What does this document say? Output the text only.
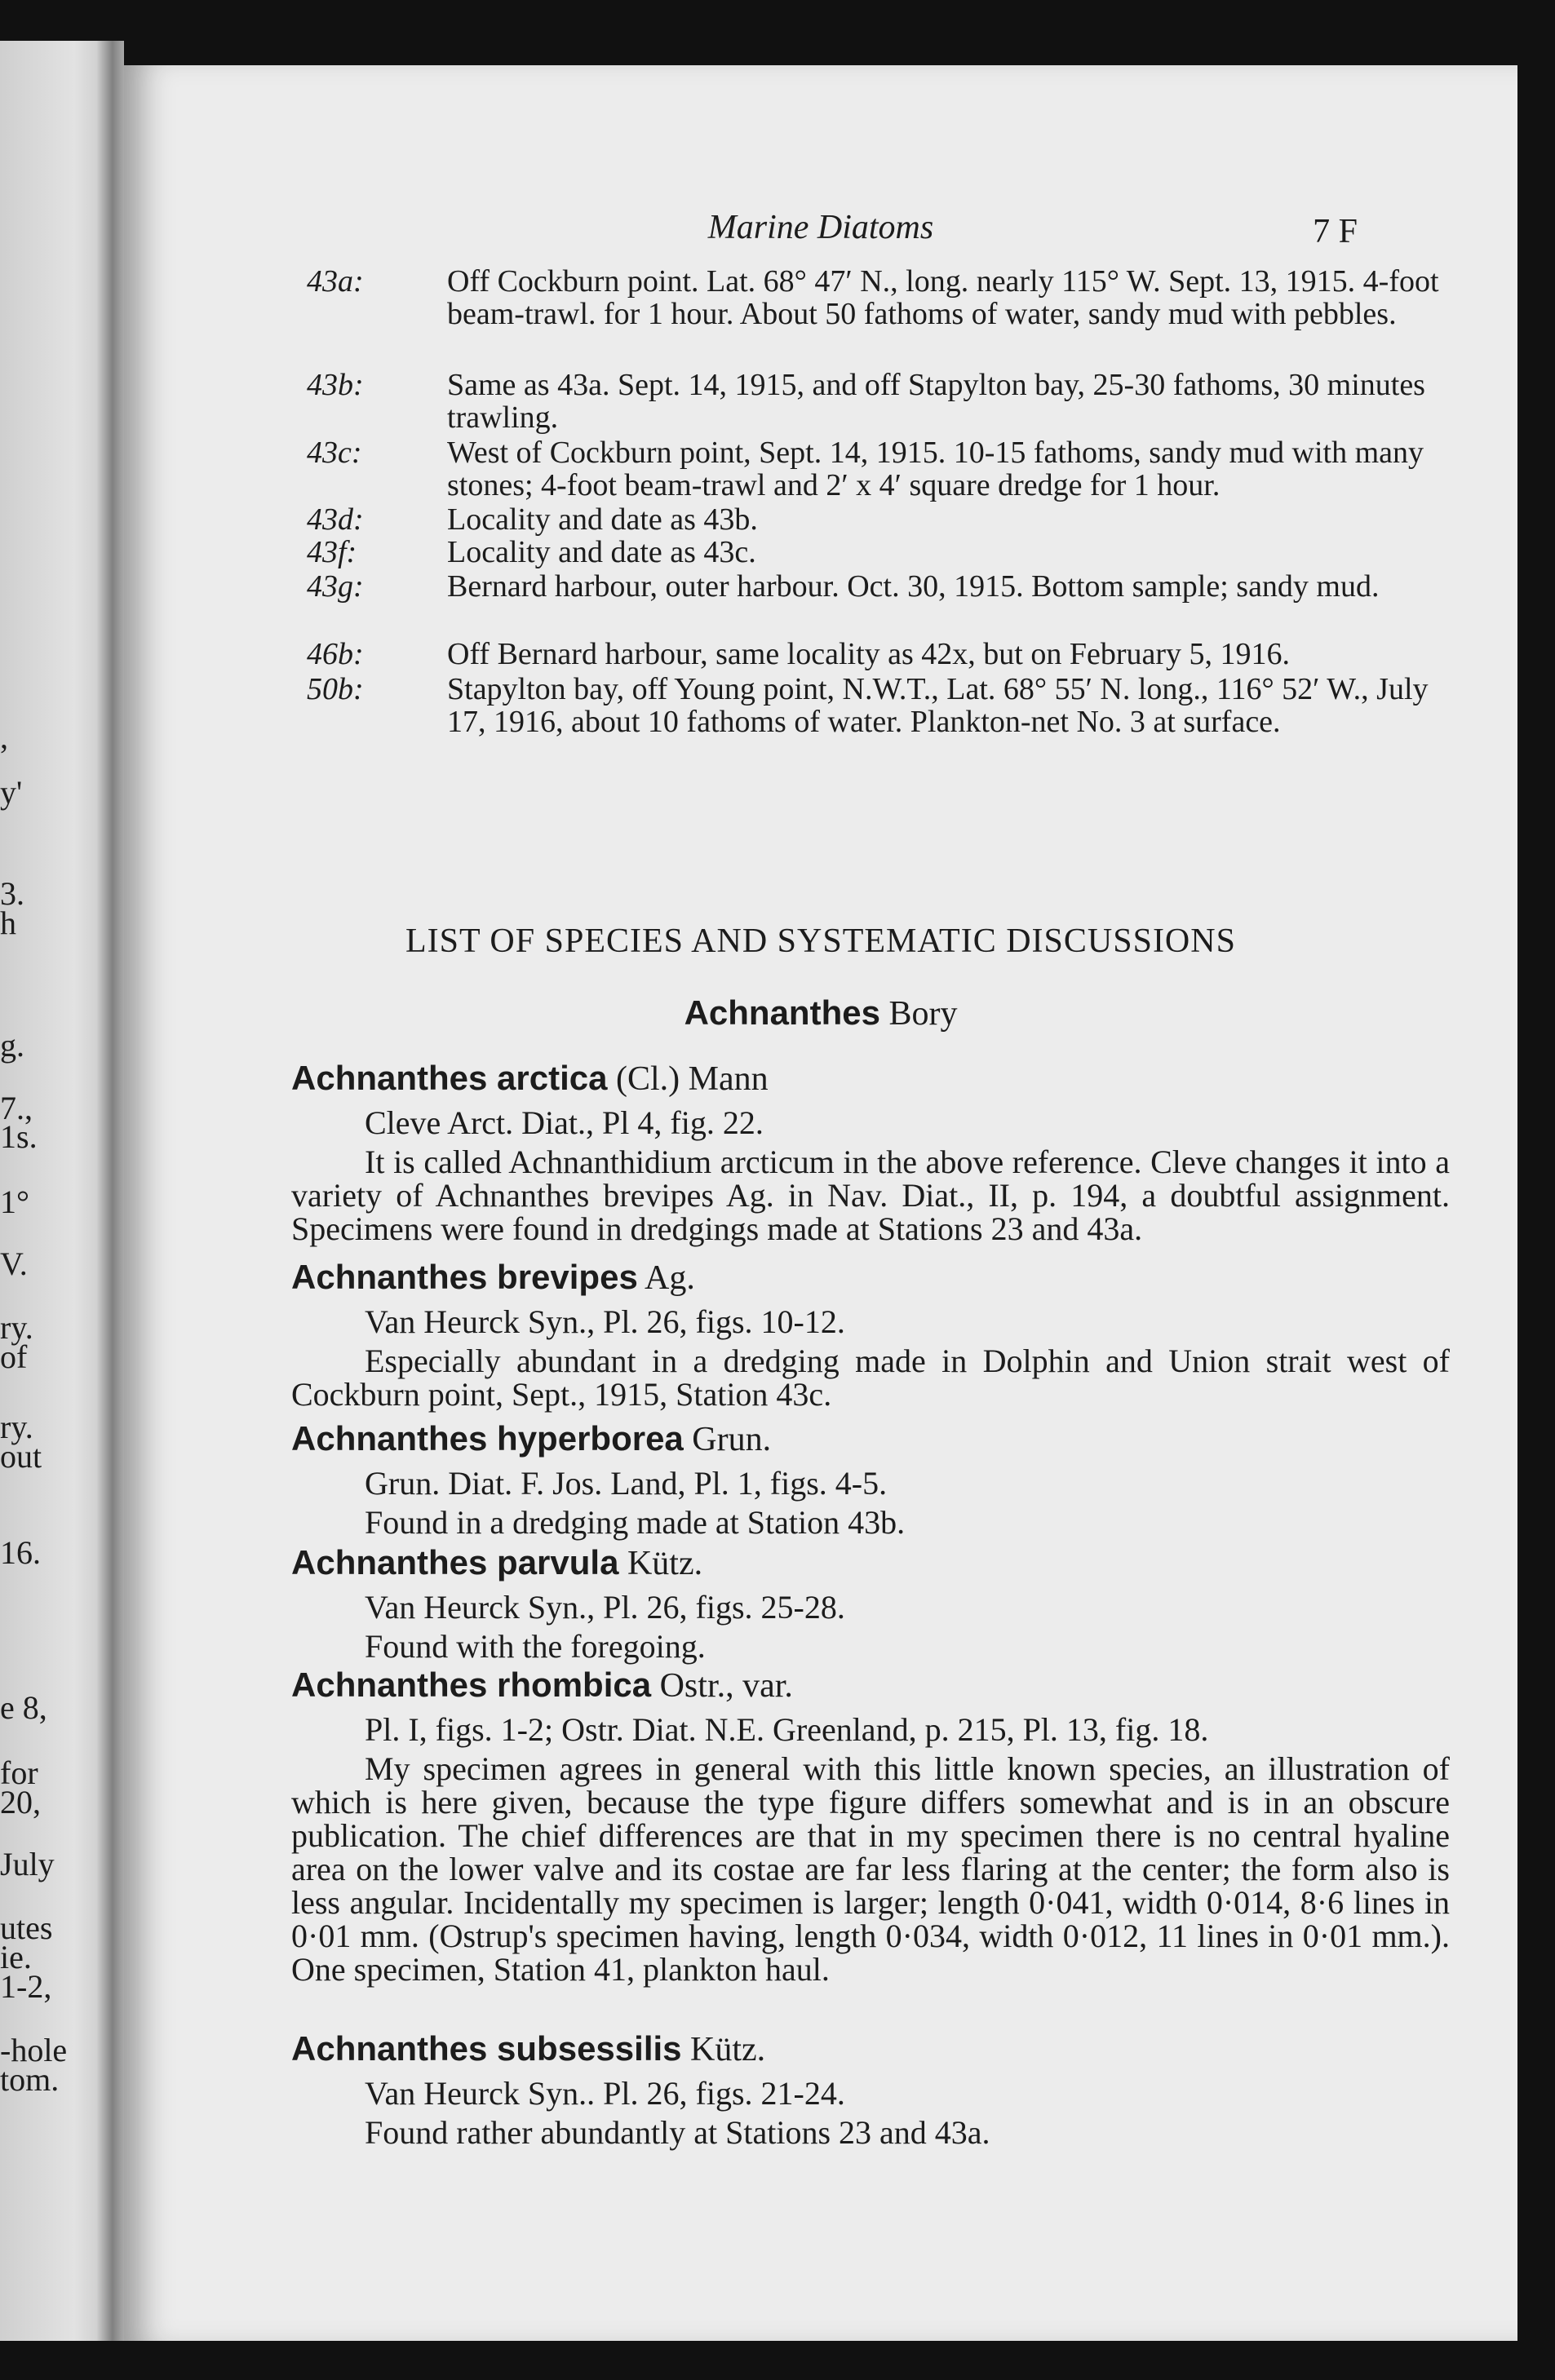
,
y'
3.
h
g.
7.,
1s.
1°
V.
ry.
of
ry.
out
16.
e 8,
for
20,
July
utes
ie.
1-2,
-hole
tom.
Marine Diatoms	7 F
43a:	Off Cockburn point. Lat. 68° 47′ N., long. nearly 115° W. Sept. 13, 1915. 4-foot beam-trawl. for 1 hour. About 50 fathoms of water, sandy mud with pebbles.
43b:	Same as 43a. Sept. 14, 1915, and off Stapylton bay, 25-30 fathoms, 30 minutes trawling.
43c:	West of Cockburn point, Sept. 14, 1915. 10-15 fathoms, sandy mud with many stones; 4-foot beam-trawl and 2′ x 4′ square dredge for 1 hour.
43d:	Locality and date as 43b.
43f:	Locality and date as 43c.
43g:	Bernard harbour, outer harbour. Oct. 30, 1915. Bottom sample; sandy mud.
46b:	Off Bernard harbour, same locality as 42x, but on February 5, 1916.
50b:	Stapylton bay, off Young point, N.W.T., Lat. 68° 55′ N. long., 116° 52′ W., July 17, 1916, about 10 fathoms of water. Plankton-net No. 3 at surface.
LIST OF SPECIES AND SYSTEMATIC DISCUSSIONS
Achnanthes Bory

Achnanthes arctica (Cl.) Mann

Cleve Arct. Diat., Pl 4, fig. 22.

It is called Achnanthidium arcticum in the above reference. Cleve changes it into a variety of Achnanthes brevipes Ag. in Nav. Diat., II, p. 194, a doubtful assignment. Specimens were found in dredgings made at Stations 23 and 43a.

Achnanthes brevipes Ag.

Van Heurck Syn., Pl. 26, figs. 10-12.

Especially abundant in a dredging made in Dolphin and Union strait west of Cockburn point, Sept., 1915, Station 43c.

Achnanthes hyperborea Grun.

Grun. Diat. F. Jos. Land, Pl. 1, figs. 4-5.

Found in a dredging made at Station 43b.

Achnanthes parvula Kütz.

Van Heurck Syn., Pl. 26, figs. 25-28.

Found with the foregoing.

Achnanthes rhombica Ostr., var.

Pl. I, figs. 1-2; Ostr. Diat. N.E. Greenland, p. 215, Pl. 13, fig. 18.

My specimen agrees in general with this little known species, an illustration of which is here given, because the type figure differs somewhat and is in an obscure publication. The chief differences are that in my specimen there is no central hyaline area on the lower valve and its costae are far less flaring at the center; the form also is less angular. Incidentally my specimen is larger; length 0·041, width 0·014, 8·6 lines in 0·01 mm. (Ostrup's specimen having, length 0·034, width 0·012, 11 lines in 0·01 mm.). One specimen, Station 41, plankton haul.

Achnanthes subsessilis Kütz.

Van Heurck Syn.. Pl. 26, figs. 21-24.

Found rather abundantly at Stations 23 and 43a.
